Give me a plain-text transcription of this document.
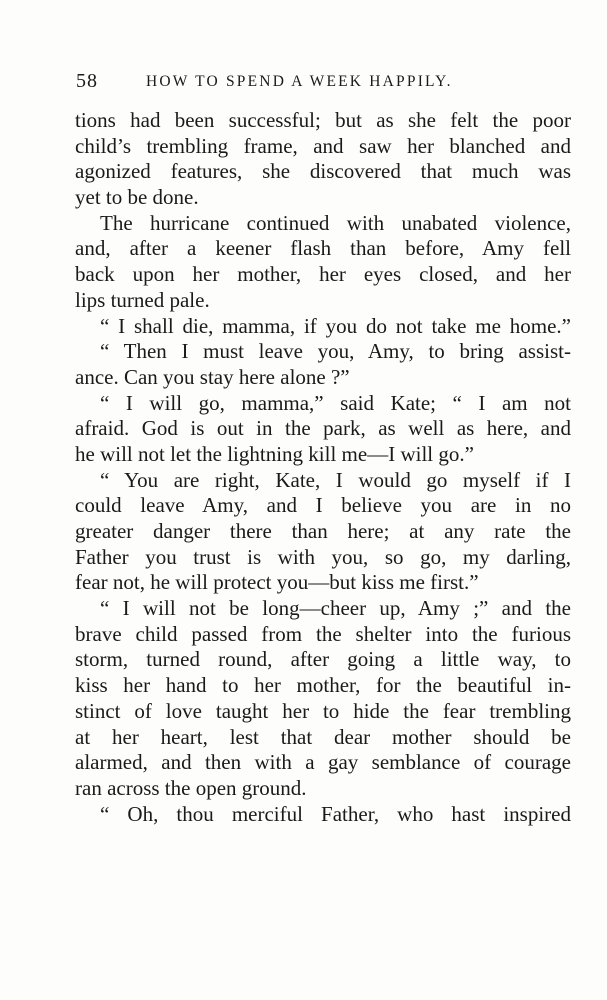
58	HOW TO SPEND A WEEK HAPPILY.
tions had been successful; but as she felt the poor
child’s trembling frame, and saw her blanched and
agonized features, she discovered that much was
yet to be done.
The hurricane continued with unabated violence,
and, after a keener flash than before, Amy fell
back upon her mother, her eyes closed, and her
lips turned pale.
“ I shall die, mamma, if you do not take me home.”
“ Then I must leave you, Amy, to bring assist-
ance. Can you stay here alone ?”
“ I will go, mamma,” said Kate; “ I am not
afraid. God is out in the park, as well as here, and
he will not let the lightning kill me—I will go.”
“ You are right, Kate, I would go myself if I
could leave Amy, and I believe you are in no
greater danger there than here; at any rate the
Father you trust is with you, so go, my darling,
fear not, he will protect you—but kiss me first.”
“ I will not be long—cheer up, Amy ;” and the
brave child passed from the shelter into the furious
storm, turned round, after going a little way, to
kiss her hand to her mother, for the beautiful in-
stinct of love taught her to hide the fear trembling
at her heart, lest that dear mother should be
alarmed, and then with a gay semblance of courage
ran across the open ground.
“ Oh, thou merciful Father, who hast inspired
